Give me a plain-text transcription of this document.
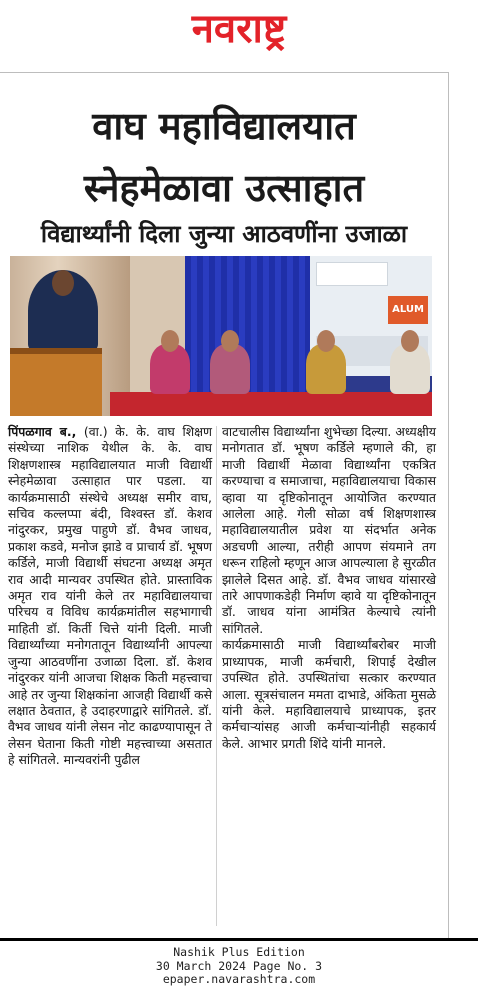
नवराष्ट्र
वाघ महाविद्यालयात
स्नेहमेळावा उत्साहात
विद्यार्थ्यांनी दिला जुन्या आठवणींना उजाळा
ALUM

पिंपळगाव ब., (वा.) के. के. वाघ शिक्षण संस्थेच्या नाशिक येथील के. के. वाघ शिक्षणशास्त्र महाविद्यालयात माजी विद्यार्थी स्नेहमेळावा उत्साहात पार पडला. या कार्यक्रमासाठी संस्थेचे अध्यक्ष समीर वाघ, सचिव कल्लप्पा बंदी, विश्वस्त डॉ. केशव नांदुरकर, प्रमुख पाहुणे डॉ. वैभव जाधव, प्रकाश कडवे, मनोज झाडे व प्राचार्य डॉ. भूषण कर्डिले, माजी विद्यार्थी संघटना अध्यक्ष अमृत राव आदी मान्यवर उपस्थित होते. प्रास्ताविक अमृत राव यांनी केले तर महाविद्यालयाचा परिचय व विविध कार्यक्रमांतील सहभागाची माहिती डॉ. किर्ती चित्ते यांनी दिली. माजी विद्यार्थ्यांच्या मनोगतातून विद्यार्थ्यांनी आपल्या जुन्या आठवणींना उजाळा दिला. डॉ. केशव नांदुरकर यांनी आजचा शिक्षक किती महत्त्वाचा आहे तर जुन्या शिक्षकांना आजही विद्यार्थी कसे लक्षात ठेवतात, हे उदाहरणाद्वारे सांगितले. डॉ. वैभव जाधव यांनी लेसन नोट काढण्यापासून ते लेसन घेताना किती गोष्टी महत्त्वाच्या असतात हे सांगितले. मान्यवरांनी पुढील

वाटचालीस विद्यार्थ्यांना शुभेच्छा दिल्या. अध्यक्षीय मनोगतात डॉ. भूषण कर्डिले म्हणाले की, हा माजी विद्यार्थी मेळावा विद्यार्थ्यांना एकत्रित करण्याचा व समाजाचा, महाविद्यालयाचा विकास व्हावा या दृष्टिकोनातून आयोजित करण्यात आलेला आहे. गेली सोळा वर्ष शिक्षणशास्त्र महाविद्यालयातील प्रवेश या संदर्भात अनेक अडचणी आल्या, तरीही आपण संयमाने तग धरून राहिलो म्हणून आज आपल्याला हे सुरळीत झालेले दिसत आहे. डॉ. वैभव जाधव यांसारखे तारे आपणाकडेही निर्माण व्हावे या दृष्टिकोनातून डॉ. जाधव यांना आमंत्रित केल्याचे त्यांनी सांगितले.

कार्यक्रमासाठी माजी विद्यार्थ्यांबरोबर माजी प्राध्यापक, माजी कर्मचारी, शिपाई देखील उपस्थित होते. उपस्थितांचा सत्कार करण्यात आला. सूत्रसंचालन ममता दाभाडे, अंकिता मुसळे यांनी केले. महाविद्यालयाचे प्राध्यापक, इतर कर्मचाऱ्यांसह आजी कर्मचाऱ्यांनीही सहकार्य केले. आभार प्रगती शिंदे यांनी मानले.

Nashik Plus Edition
30 March 2024 Page No. 3
epaper.navarashtra.com
